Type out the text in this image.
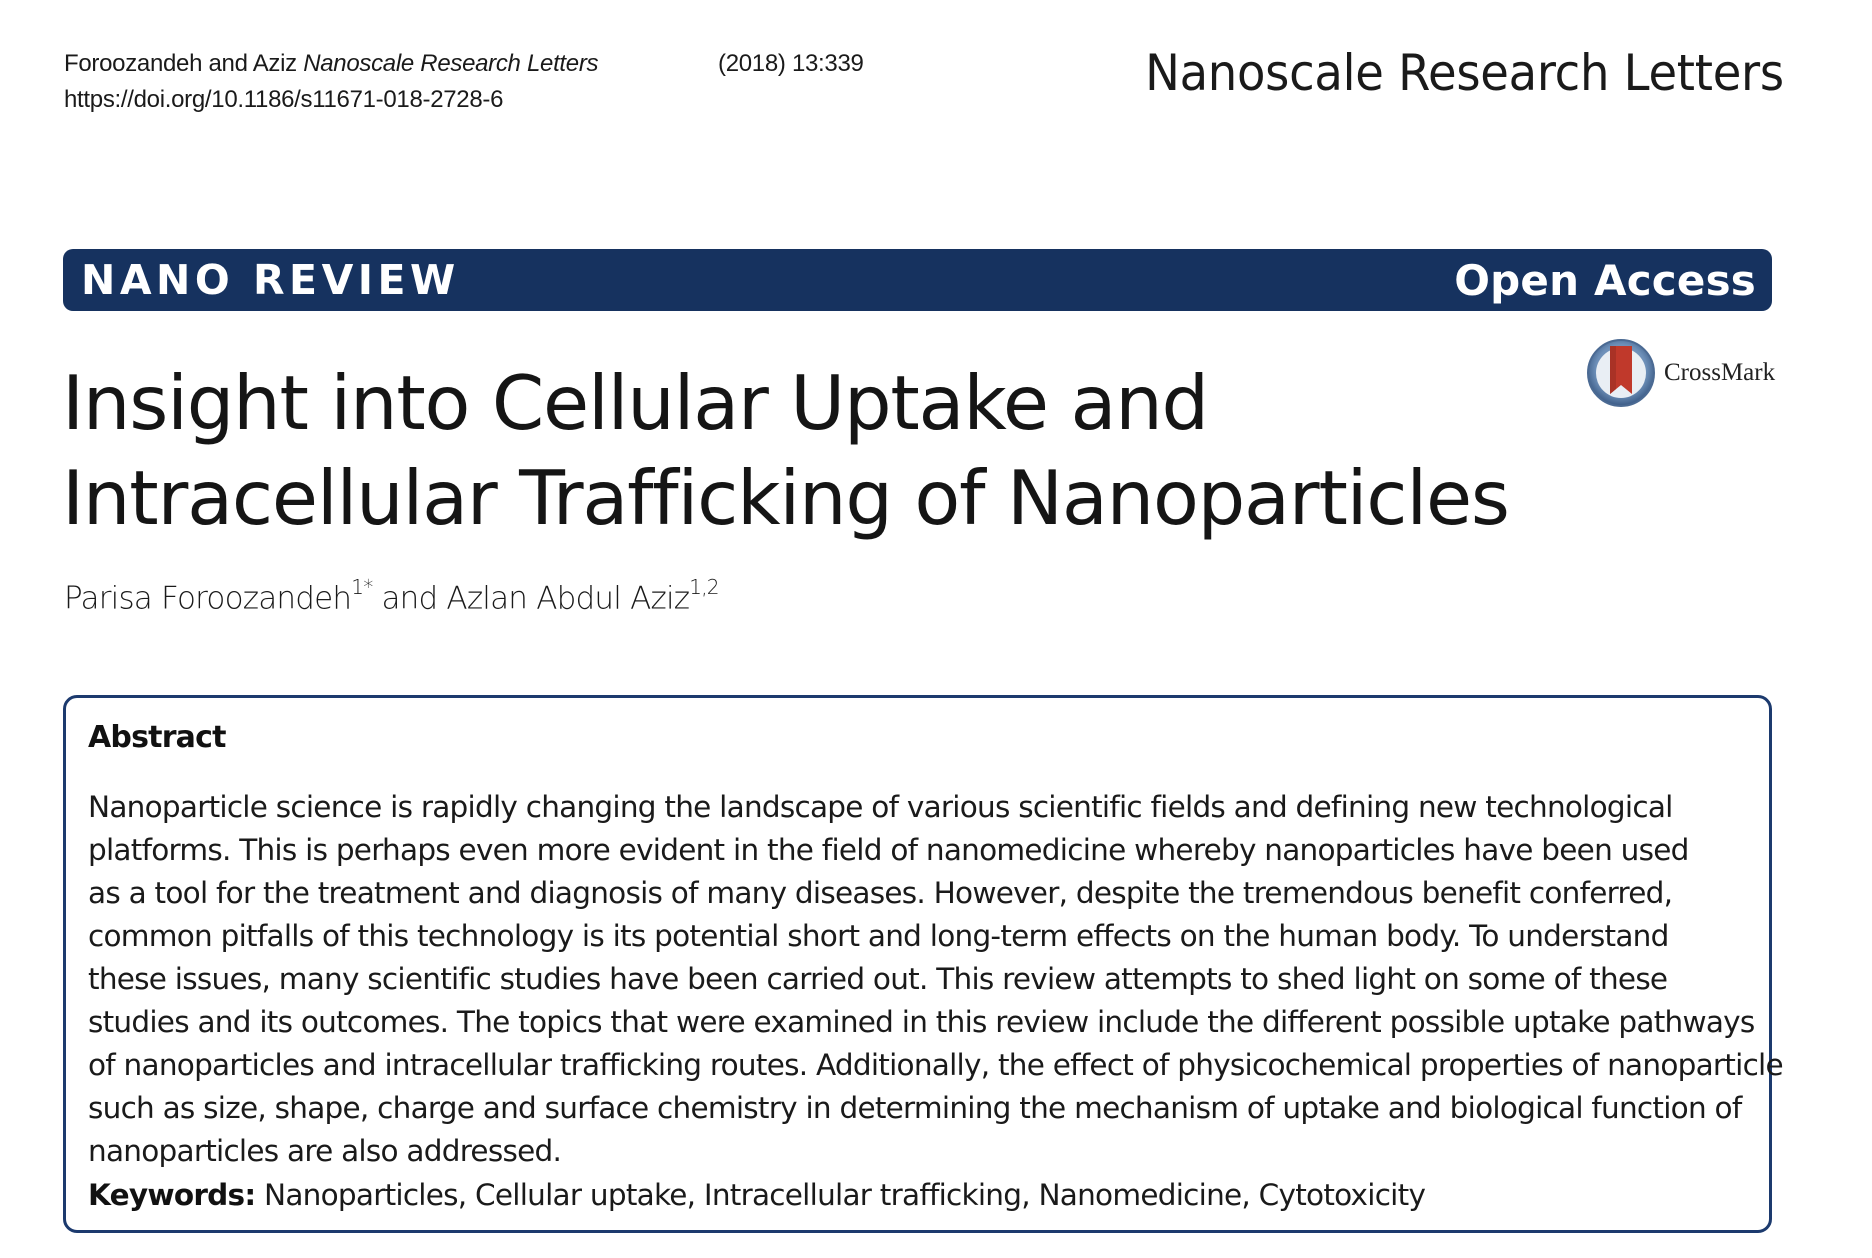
Foroozandeh and Aziz Nanoscale Research Letters	(2018) 13:339
https://doi.org/10.1186/s11671-018-2728-6	Nanoscale Research Letters
NANO REVIEW	Open Access
CrossMark
Insight into Cellular Uptake and
Intracellular Trafficking of Nanoparticles
Parisa Foroozandeh$^{1*}$ and Azlan Abdul Aziz$^{1,2}$
Abstract
Nanoparticle science is rapidly changing the landscape of various scientific fields and defining new technological
platforms. This is perhaps even more evident in the field of nanomedicine whereby nanoparticles have been used
as a tool for the treatment and diagnosis of many diseases. However, despite the tremendous benefit conferred,
common pitfalls of this technology is its potential short and long-term effects on the human body. To understand
these issues, many scientific studies have been carried out. This review attempts to shed light on some of these
studies and its outcomes. The topics that were examined in this review include the different possible uptake pathways
of nanoparticles and intracellular trafficking routes. Additionally, the effect of physicochemical properties of nanoparticle
such as size, shape, charge and surface chemistry in determining the mechanism of uptake and biological function of
nanoparticles are also addressed.
Keywords: Nanoparticles, Cellular uptake, Intracellular trafficking, Nanomedicine, Cytotoxicity
